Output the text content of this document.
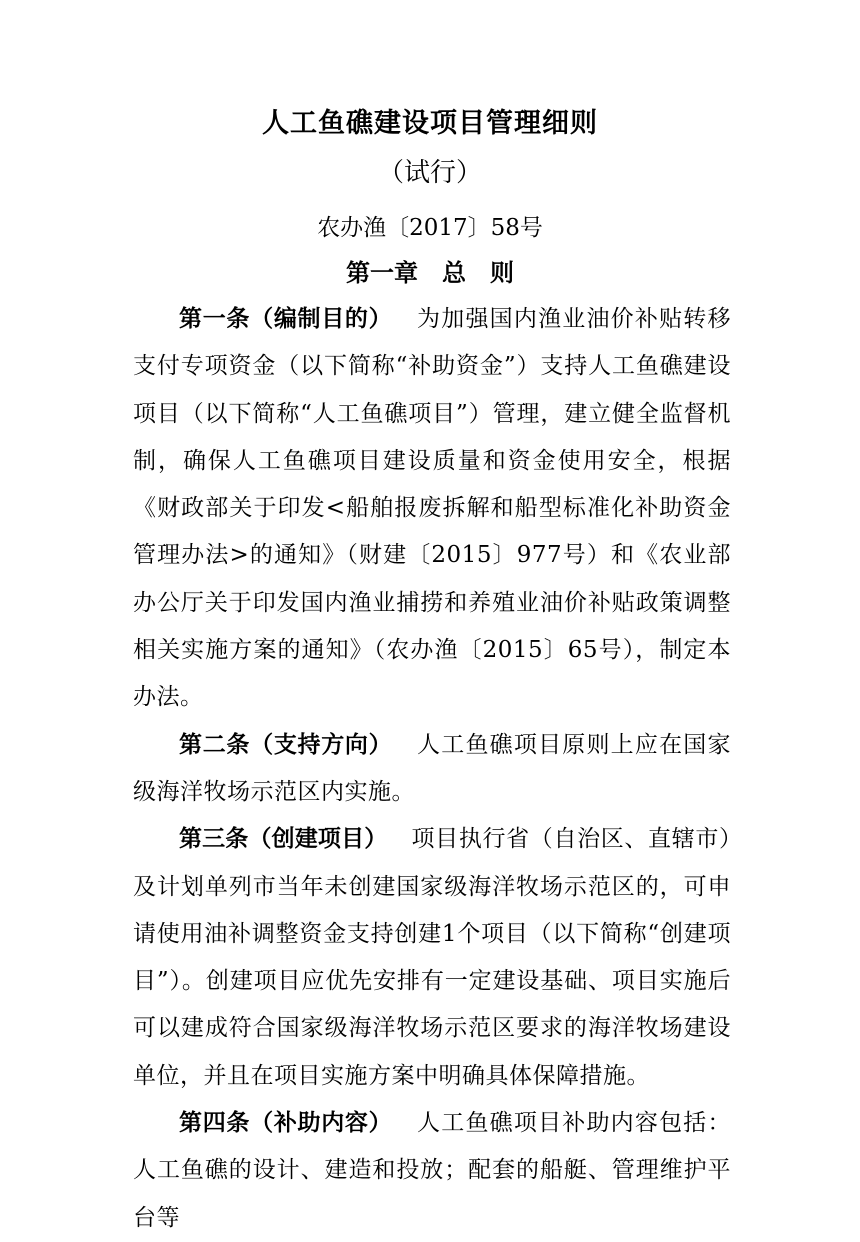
人工鱼礁建设项目管理细则
（试行）
农办渔〔2017〕58号
第一章　总　则

第一条（编制目的） 为加强国内渔业油价补贴转移支付专项资金（以下简称“补助资金”）支持人工鱼礁建设项目（以下简称“人工鱼礁项目”）管理，建立健全监督机制，确保人工鱼礁项目建设质量和资金使用安全，根据《财政部关于印发<船舶报废拆解和船型标准化补助资金管理办法>的通知》（财建〔2015〕977号）和《农业部办公厅关于印发国内渔业捕捞和养殖业油价补贴政策调整相关实施方案的通知》（农办渔〔2015〕65号），制定本办法。

第二条（支持方向） 人工鱼礁项目原则上应在国家级海洋牧场示范区内实施。

第三条（创建项目） 项目执行省（自治区、直辖市）及计划单列市当年未创建国家级海洋牧场示范区的，可申请使用油补调整资金支持创建1个项目（以下简称“创建项目”）。创建项目应优先安排有一定建设基础、项目实施后可以建成符合国家级海洋牧场示范区要求的海洋牧场建设单位，并且在项目实施方案中明确具体保障措施。

第四条（补助内容） 人工鱼礁项目补助内容包括：人工鱼礁的设计、建造和投放；配套的船艇、管理维护平台等
